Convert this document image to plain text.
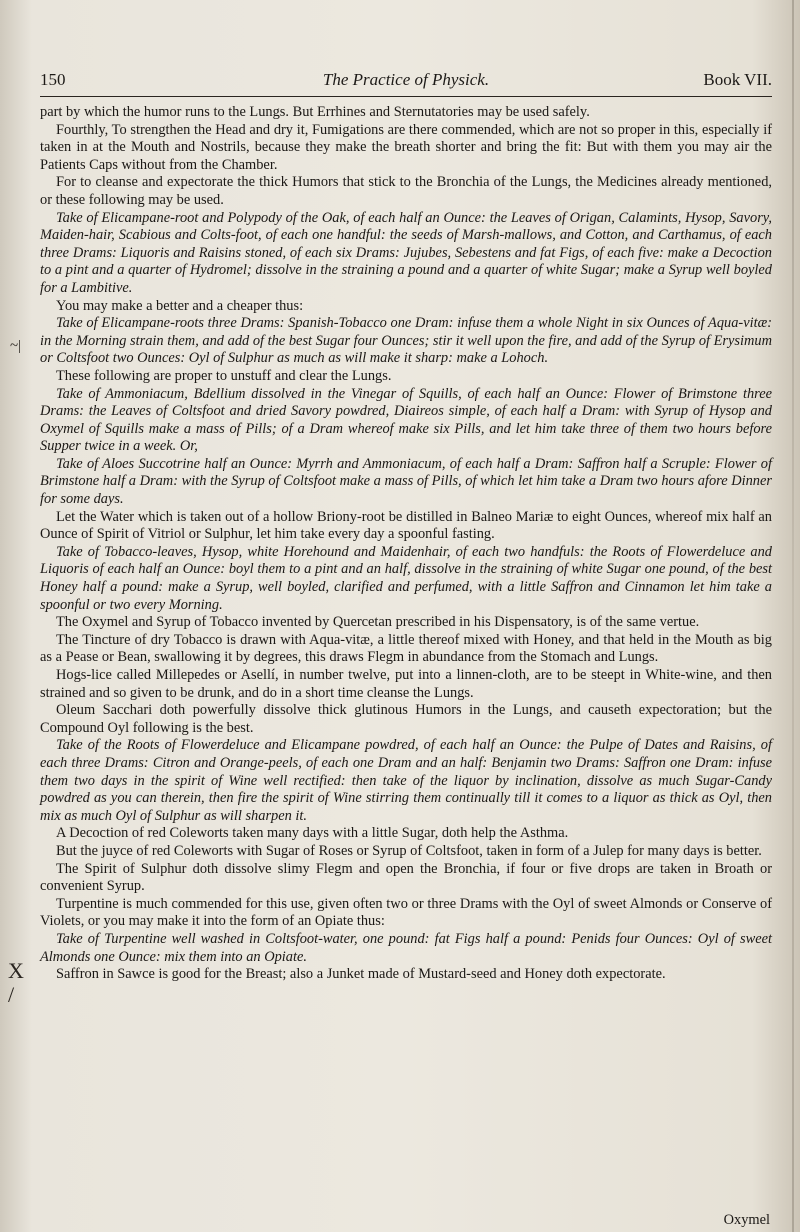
150	The Practice of Physick.	Book VII.
~|
X
/

part by which the humor runs to the Lungs. But Errhines and Sternutatories may be used safely.

Fourthly, To strengthen the Head and dry it, Fumigations are there commended, which are not so proper in this, especially if taken in at the Mouth and Nostrils, because they make the breath shorter and bring the fit: But with them you may air the Patients Caps without from the Chamber.

For to cleanse and expectorate the thick Humors that stick to the Bronchia of the Lungs, the Medicines already mentioned, or these following may be used.

Take of Elicampane-root and Polypody of the Oak, of each half an Ounce: the Leaves of Origan, Calamints, Hysop, Savory, Maiden-hair, Scabious and Colts-foot, of each one handful: the seeds of Marsh-mallows, and Cotton, and Carthamus, of each three Drams: Liquoris and Raisins stoned, of each six Drams: Jujubes, Sebestens and fat Figs, of each five: make a Decoction to a pint and a quarter of Hydromel; dissolve in the straining a pound and a quarter of white Sugar; make a Syrup well boyled for a Lambitive.

You may make a better and a cheaper thus:

Take of Elicampane-roots three Drams: Spanish-Tobacco one Dram: infuse them a whole Night in six Ounces of Aqua-vitæ: in the Morning strain them, and add of the best Sugar four Ounces; stir it well upon the fire, and add of the Syrup of Erysimum or Coltsfoot two Ounces: Oyl of Sulphur as much as will make it sharp: make a Lohoch.

These following are proper to unstuff and clear the Lungs.

Take of Ammoniacum, Bdellium dissolved in the Vinegar of Squills, of each half an Ounce: Flower of Brimstone three Drams: the Leaves of Coltsfoot and dried Savory powdred, Diaireos simple, of each half a Dram: with Syrup of Hysop and Oxymel of Squills make a mass of Pills; of a Dram whereof make six Pills, and let him take three of them two hours before Supper twice in a week. Or,

Take of Aloes Succotrine half an Ounce: Myrrh and Ammoniacum, of each half a Dram: Saffron half a Scruple: Flower of Brimstone half a Dram: with the Syrup of Coltsfoot make a mass of Pills, of which let him take a Dram two hours afore Dinner for some days.

Let the Water which is taken out of a hollow Briony-root be distilled in Balneo Mariæ to eight Ounces, whereof mix half an Ounce of Spirit of Vitriol or Sulphur, let him take every day a spoonful fasting.

Take of Tobacco-leaves, Hysop, white Horehound and Maidenhair, of each two handfuls: the Roots of Flowerdeluce and Liquoris of each half an Ounce: boyl them to a pint and an half, dissolve in the straining of white Sugar one pound, of the best Honey half a pound: make a Syrup, well boyled, clarified and perfumed, with a little Saffron and Cinnamon let him take a spoonful or two every Morning.

The Oxymel and Syrup of Tobacco invented by Quercetan prescribed in his Dispensatory, is of the same vertue.

The Tincture of dry Tobacco is drawn with Aqua-vitæ, a little thereof mixed with Honey, and that held in the Mouth as big as a Pease or Bean, swallowing it by degrees, this draws Flegm in abundance from the Stomach and Lungs.

Hogs-lice called Millepedes or Asellí, in number twelve, put into a linnen-cloth, are to be steept in White-wine, and then strained and so given to be drunk, and do in a short time cleanse the Lungs.

Oleum Sacchari doth powerfully dissolve thick glutinous Humors in the Lungs, and causeth expectoration; but the Compound Oyl following is the best.

Take of the Roots of Flowerdeluce and Elicampane powdred, of each half an Ounce: the Pulpe of Dates and Raisins, of each three Drams: Citron and Orange-peels, of each one Dram and an half: Benjamin two Drams: Saffron one Dram: infuse them two days in the spirit of Wine well rectified: then take of the liquor by inclination, dissolve as much Sugar-Candy powdred as you can therein, then fire the spirit of Wine stirring them continually till it comes to a liquor as thick as Oyl, then mix as much Oyl of Sulphur as will sharpen it.

A Decoction of red Coleworts taken many days with a little Sugar, doth help the Asthma.

But the juyce of red Coleworts with Sugar of Roses or Syrup of Coltsfoot, taken in form of a Julep for many days is better.

The Spirit of Sulphur doth dissolve slimy Flegm and open the Bronchia, if four or five drops are taken in Broath or convenient Syrup.

Turpentine is much commended for this use, given often two or three Drams with the Oyl of sweet Almonds or Conserve of Violets, or you may make it into the form of an Opiate thus:

Take of Turpentine well washed in Coltsfoot-water, one pound: fat Figs half a pound: Penids four Ounces: Oyl of sweet Almonds one Ounce: mix them into an Opiate.

Saffron in Sawce is good for the Breast; also a Junket made of Mustard-seed and Honey doth expectorate.

Oxymel
